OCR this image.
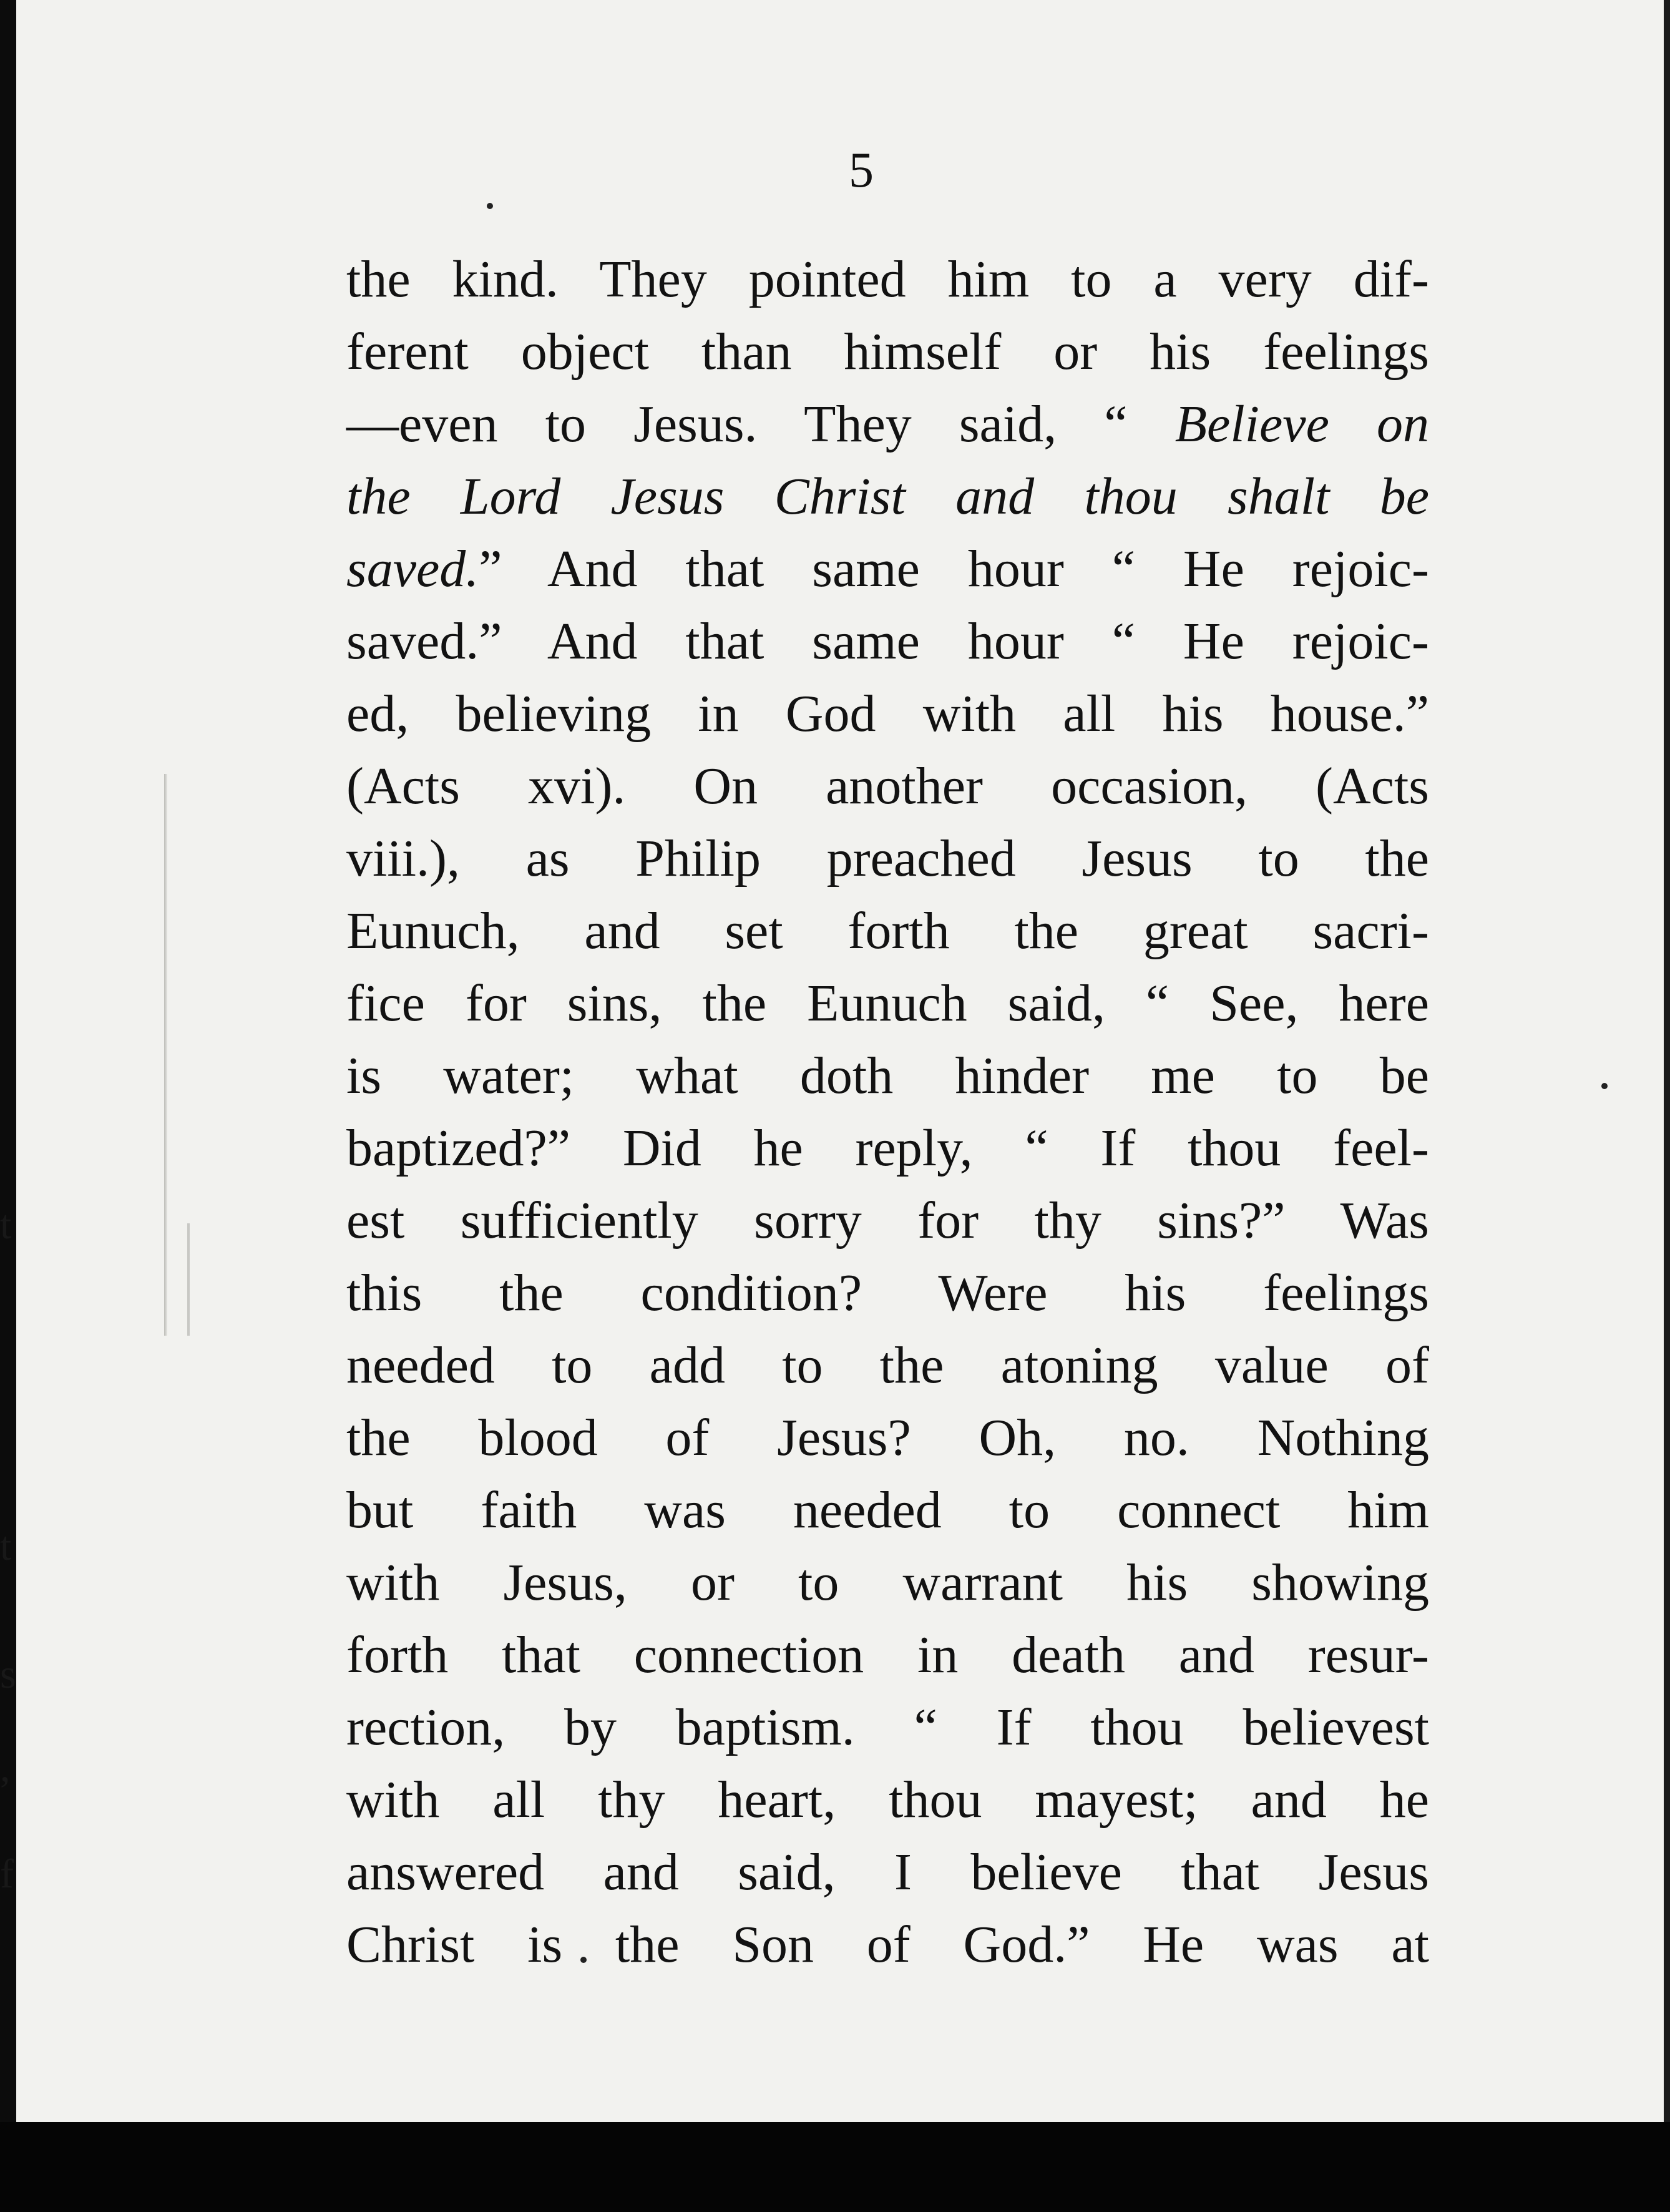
5

the kind. They pointed him to a very dif-
ferent object than himself or his feelings
—even to Jesus. They said, “ Believe on
the Lord Jesus Christ and thou shalt be
saved.” And that same hour “ He rejoic-
saved.” And that same hour “ He rejoic-
ed, believing in God with all his house.”
(Acts xvi). On another occasion, (Acts
viii.), as Philip preached Jesus to the
Eunuch, and set forth the great sacri-
fice for sins, the Eunuch said, “ See, here
is water; what doth hinder me to be
baptized?” Did he reply, “ If thou feel-
est sufficiently sorry for thy sins?” Was
this the condition? Were his feelings
needed to add to the atoning value of
the blood of Jesus? Oh, no. Nothing
but faith was needed to connect him
with Jesus, or to warrant his showing
forth that connection in death and resur-
rection, by baptism. “ If thou believest
with all thy heart, thou mayest; and he
answered and said, I believe that Jesus
Christ is the Son of God.” He was at
t
t
s
,
f
